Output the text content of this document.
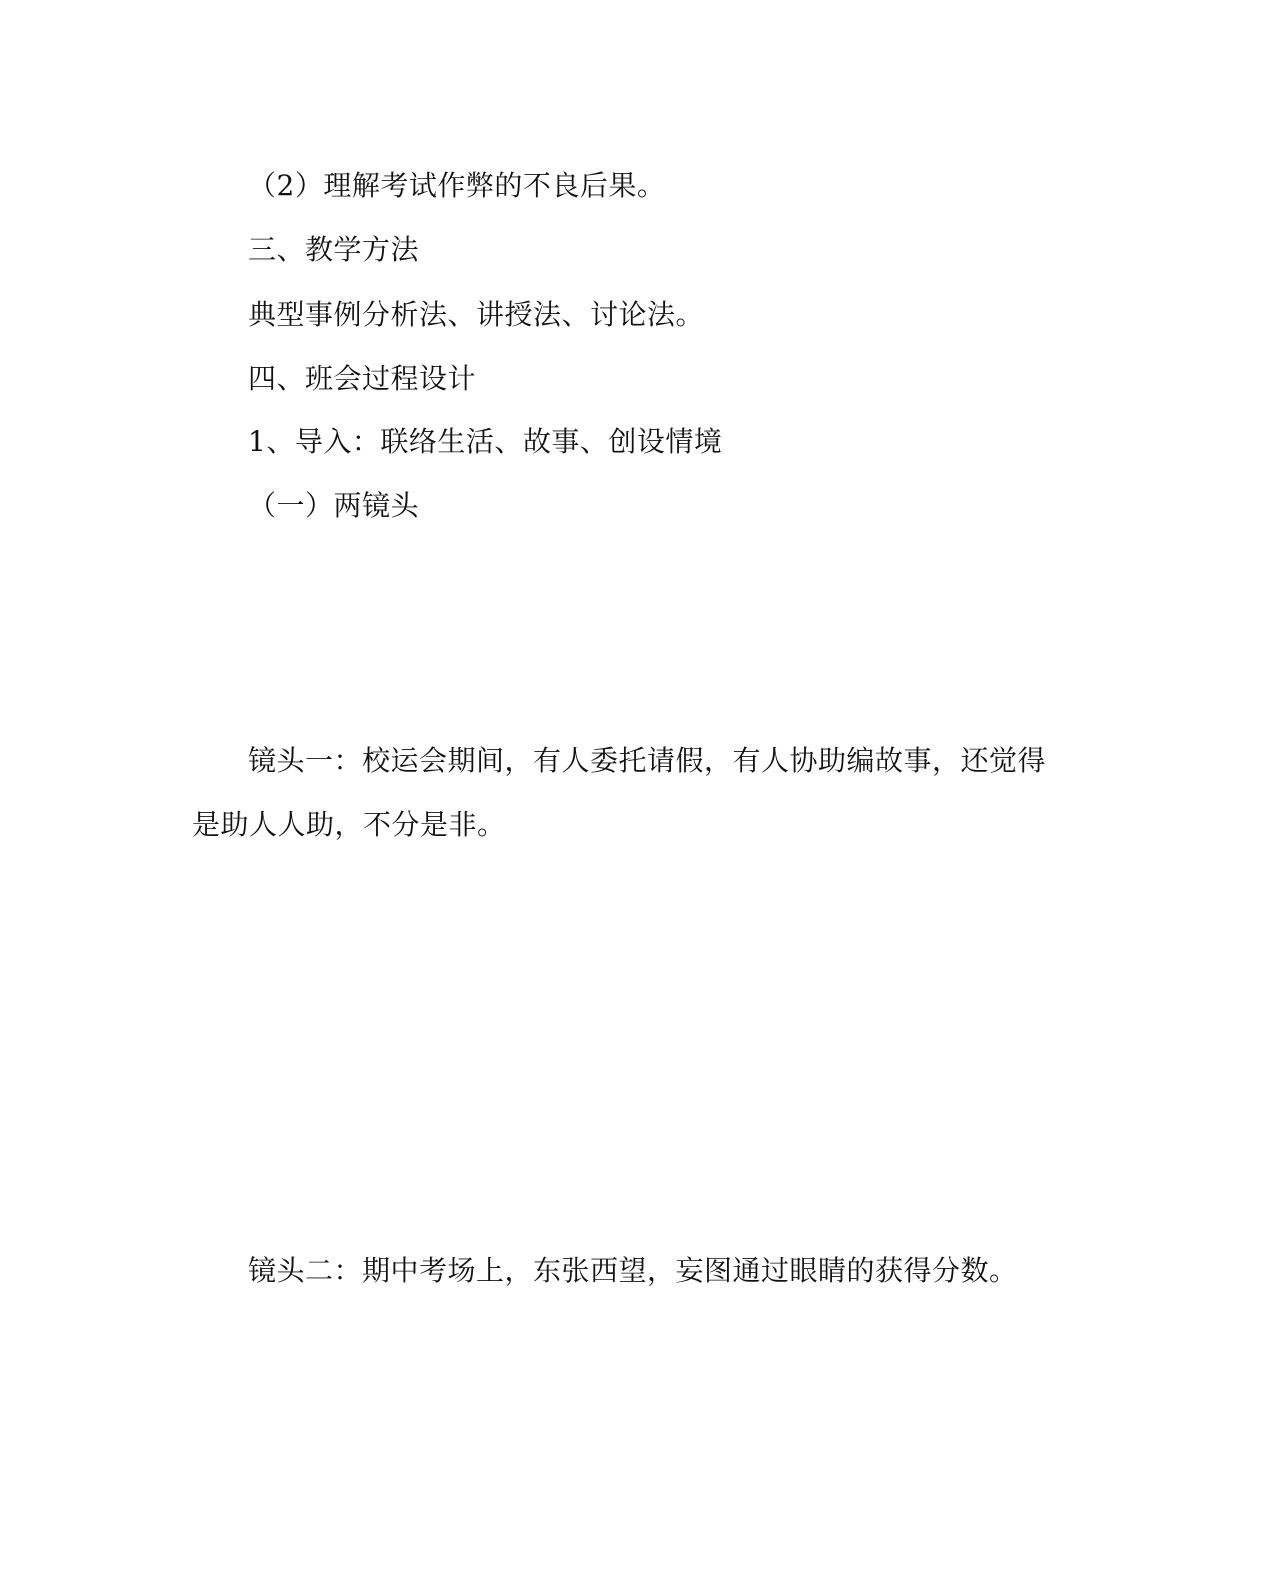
（2）理解考试作弊的不良后果。
三、教学方法
典型事例分析法、讲授法、讨论法。
四、班会过程设计
1、导入：联络生活、故事、创设情境
（一）两镜头
镜头一：校运会期间，有人委托请假，有人协助编故事，还觉得
是助人人助，不分是非。
镜头二：期中考场上，东张西望，妄图通过眼睛的获得分数。
